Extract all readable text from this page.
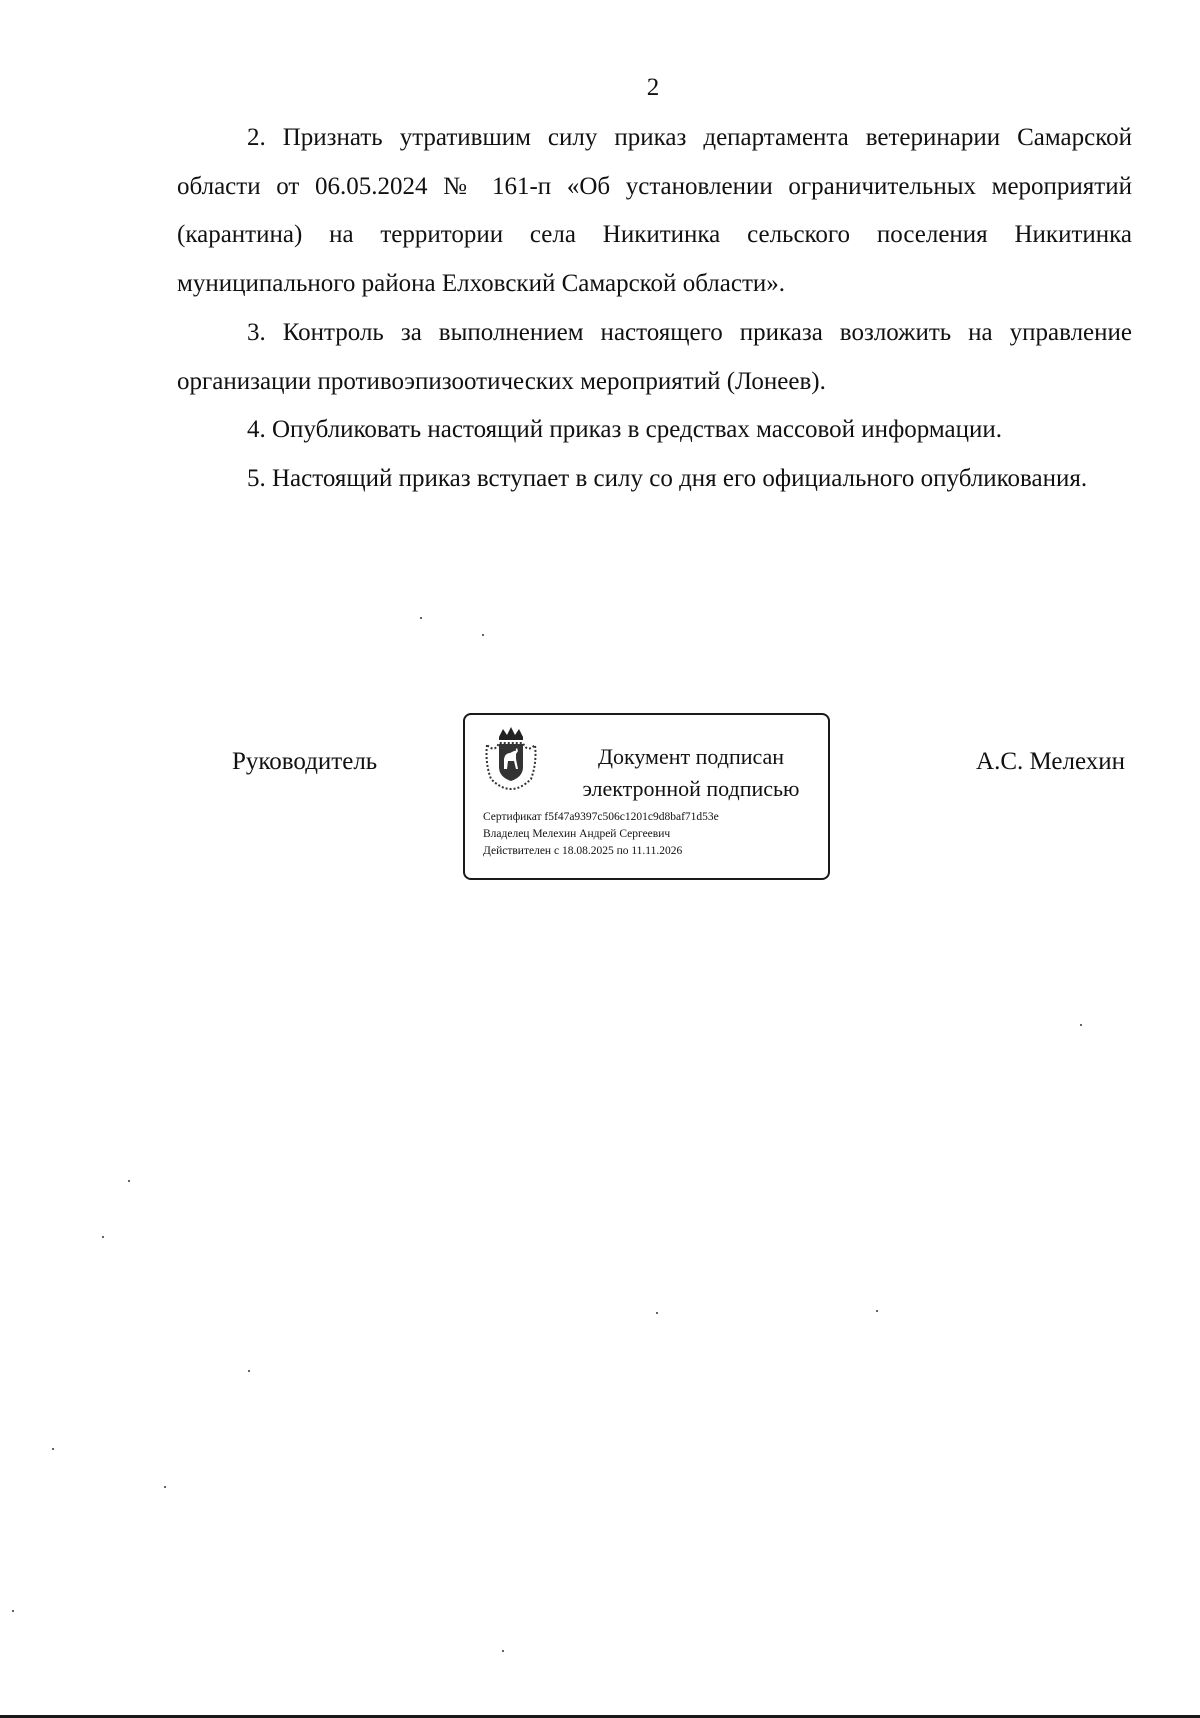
2

2. Признать утратившим силу приказ департамента ветеринарии Самарской области от 06.05.2024 № 161-п «Об установлении ограничительных мероприятий (карантина) на территории села Никитинка сельского поселения Никитинка муниципального района Елховский Самарской области».

3. Контроль за выполнением настоящего приказа возложить на управление организации противоэпизоотических мероприятий (Лонеев).

4. Опубликовать настоящий приказ в средствах массовой информации.

5. Настоящий приказ вступает в силу со дня его официального опубликования.

Руководитель	Документ подписан
электронной подписью
Сертификат f5f47a9397c506c1201c9d8baf71d53e
Владелец Мелехин Андрей Сергеевич
Действителен с 18.08.2025 по 11.11.2026
А.С. Мелехин
